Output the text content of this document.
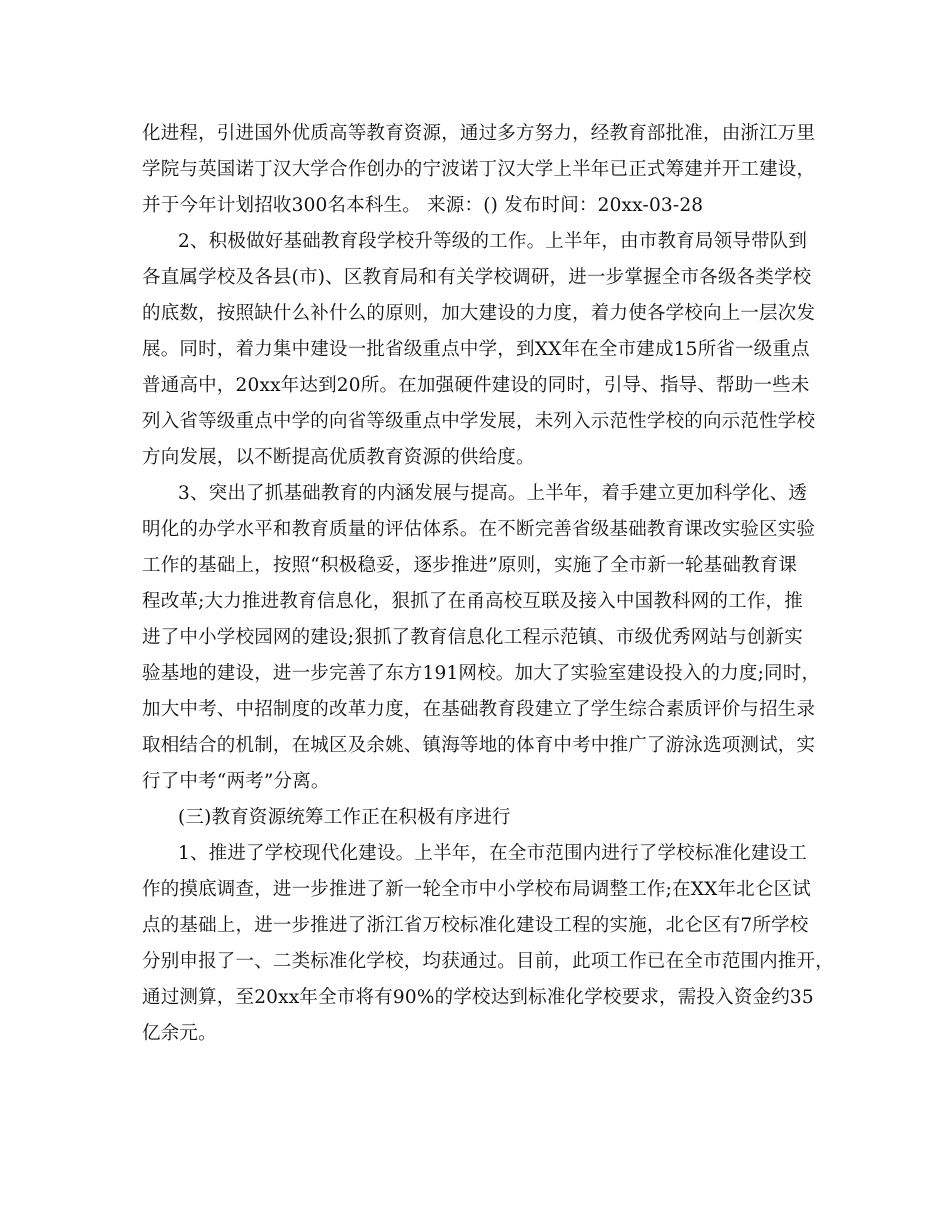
化进程，引进国外优质高等教育资源，通过多方努力，经教育部批准，由浙江万里
学院与英国诺丁汉大学合作创办的宁波诺丁汉大学上半年已正式筹建并开工建设，
并于今年计划招收300名本科生。 来源：() 发布时间：20xx-03-28
2、积极做好基础教育段学校升等级的工作。上半年，由市教育局领导带队到
各直属学校及各县(市)、区教育局和有关学校调研，进一步掌握全市各级各类学校
的底数，按照缺什么补什么的原则，加大建设的力度，着力使各学校向上一层次发
展。同时，着力集中建设一批省级重点中学，到XX年在全市建成15所省一级重点
普通高中，20xx年达到20所。在加强硬件建设的同时，引导、指导、帮助一些未
列入省等级重点中学的向省等级重点中学发展，未列入示范性学校的向示范性学校
方向发展，以不断提高优质教育资源的供给度。
3、突出了抓基础教育的内涵发展与提高。上半年，着手建立更加科学化、透
明化的办学水平和教育质量的评估体系。在不断完善省级基础教育课改实验区实验
工作的基础上，按照“积极稳妥，逐步推进”原则，实施了全市新一轮基础教育课
程改革;大力推进教育信息化，狠抓了在甬高校互联及接入中国教科网的工作，推
进了中小学校园网的建设;狠抓了教育信息化工程示范镇、市级优秀网站与创新实
验基地的建设，进一步完善了东方191网校。加大了实验室建设投入的力度;同时，
加大中考、中招制度的改革力度，在基础教育段建立了学生综合素质评价与招生录
取相结合的机制，在城区及余姚、镇海等地的体育中考中推广了游泳选项测试，实
行了中考“两考”分离。
(三)教育资源统筹工作正在积极有序进行
1、推进了学校现代化建设。上半年，在全市范围内进行了学校标准化建设工
作的摸底调查，进一步推进了新一轮全市中小学校布局调整工作;在XX年北仑区试
点的基础上，进一步推进了浙江省万校标准化建设工程的实施，北仑区有7所学校
分别申报了一、二类标准化学校，均获通过。目前，此项工作已在全市范围内推开，
通过测算，至20xx年全市将有90%的学校达到标准化学校要求，需投入资金约35
亿余元。
